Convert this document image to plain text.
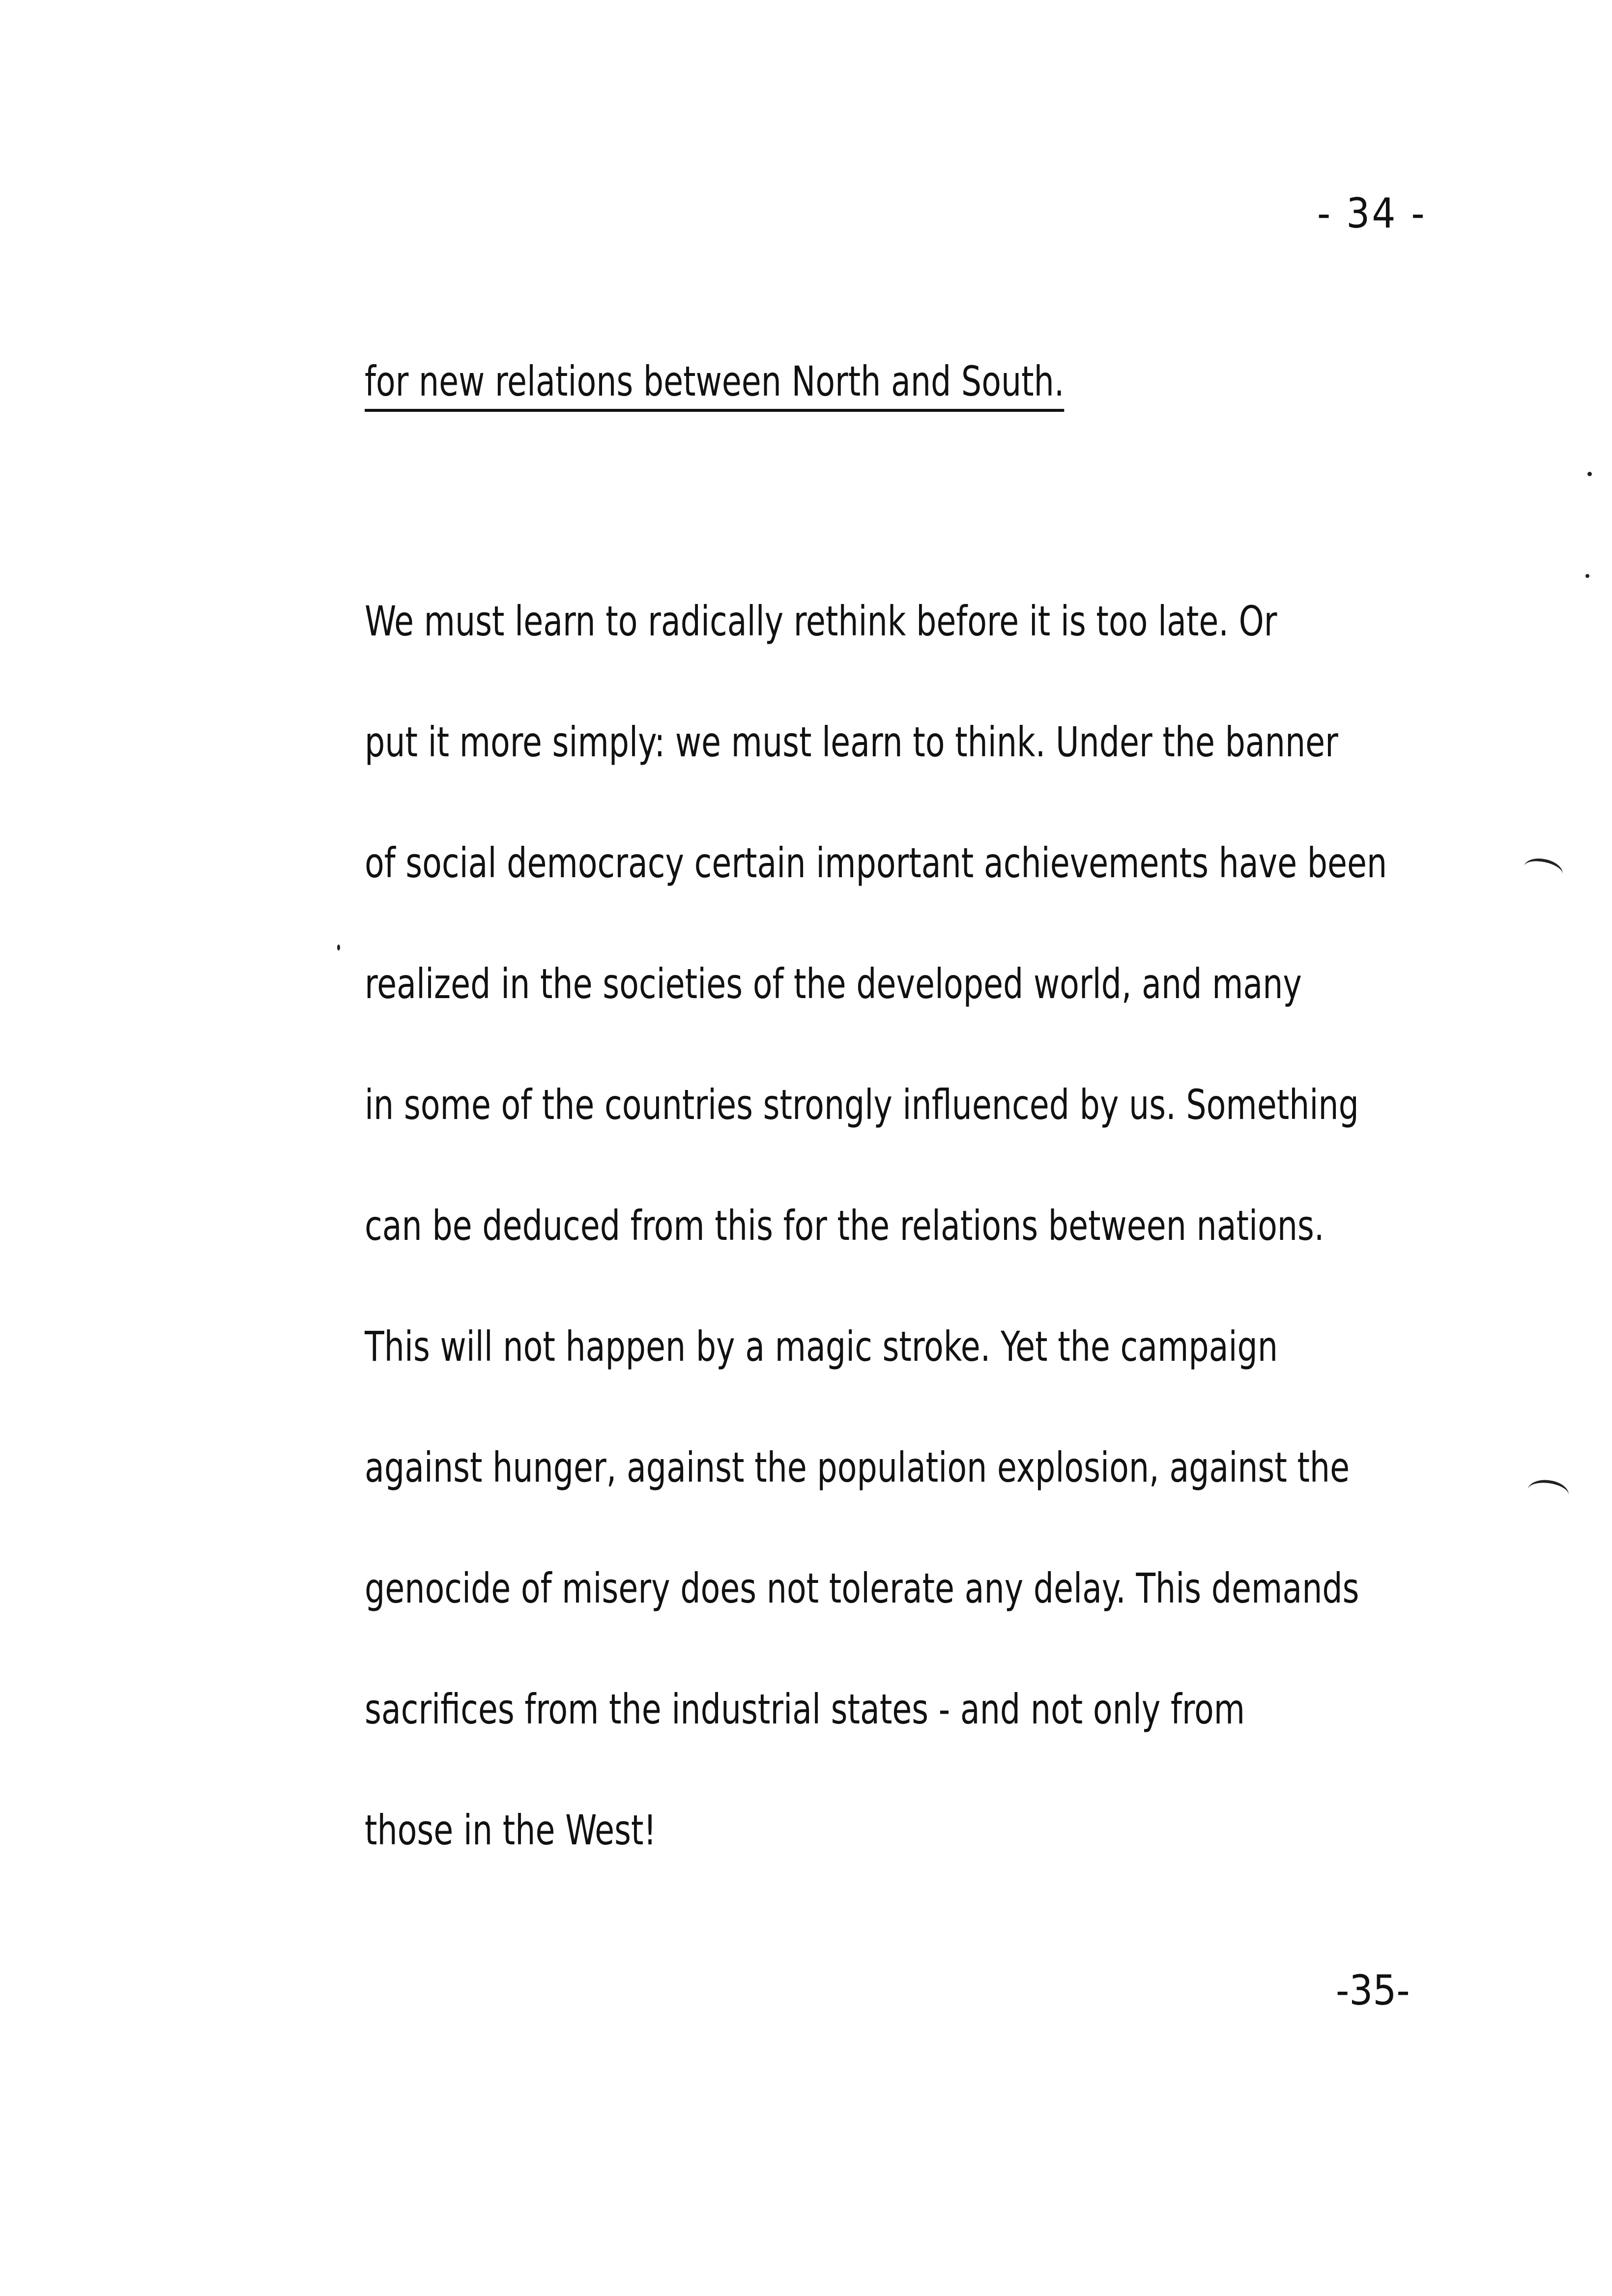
- 34 -
for new relations between North and South.
We must learn to radically rethink before it is too late. Or
put it more simply: we must learn to think. Under the banner
of social democracy certain important achievements have been
realized in the societies of the developed world, and many
in some of the countries strongly influenced by us. Something
can be deduced from this for the relations between nations.
This will not happen by a magic stroke. Yet the campaign
against hunger, against the population explosion, against the
genocide of misery does not tolerate any delay. This demands
sacrifices from the industrial states - and not only from
those in the West!
-35-
